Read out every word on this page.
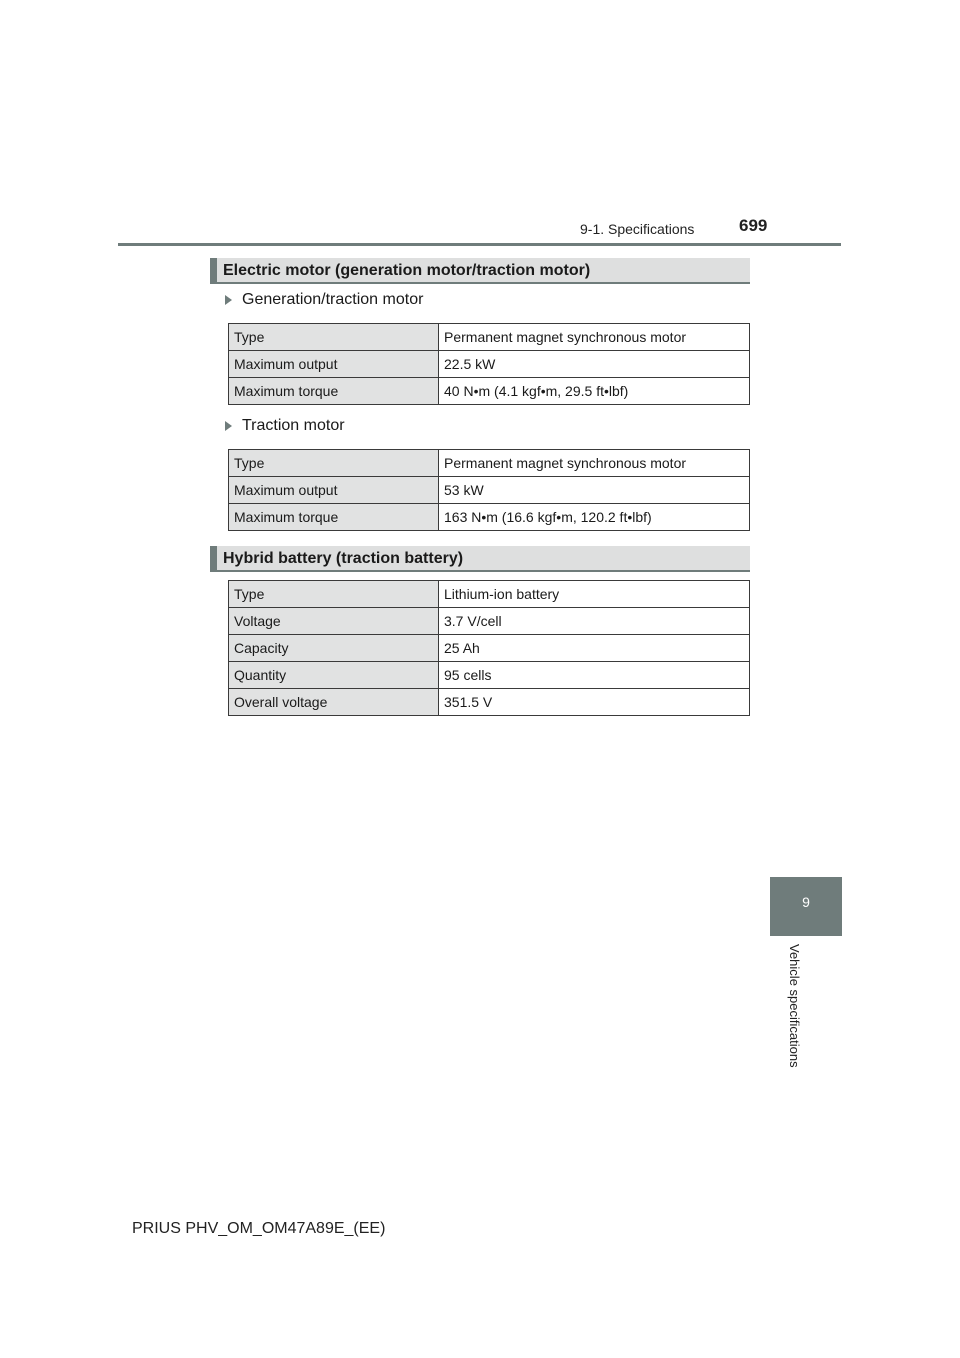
9-1. Specifications	699
Electric motor (generation motor/traction motor)
Generation/traction motor
Type	Permanent magnet synchronous motor
Maximum output	22.5 kW
Maximum torque	40 N•m (4.1 kgf•m, 29.5 ft•lbf)
Traction motor
Type	Permanent magnet synchronous motor
Maximum output	53 kW
Maximum torque	163 N•m (16.6 kgf•m, 120.2 ft•lbf)
Hybrid battery (traction battery)
Type	Lithium-ion battery
Voltage	3.7 V/cell
Capacity	25 Ah
Quantity	95 cells
Overall voltage	351.5 V
9
Vehicle specifications
PRIUS PHV_OM_OM47A89E_(EE)
